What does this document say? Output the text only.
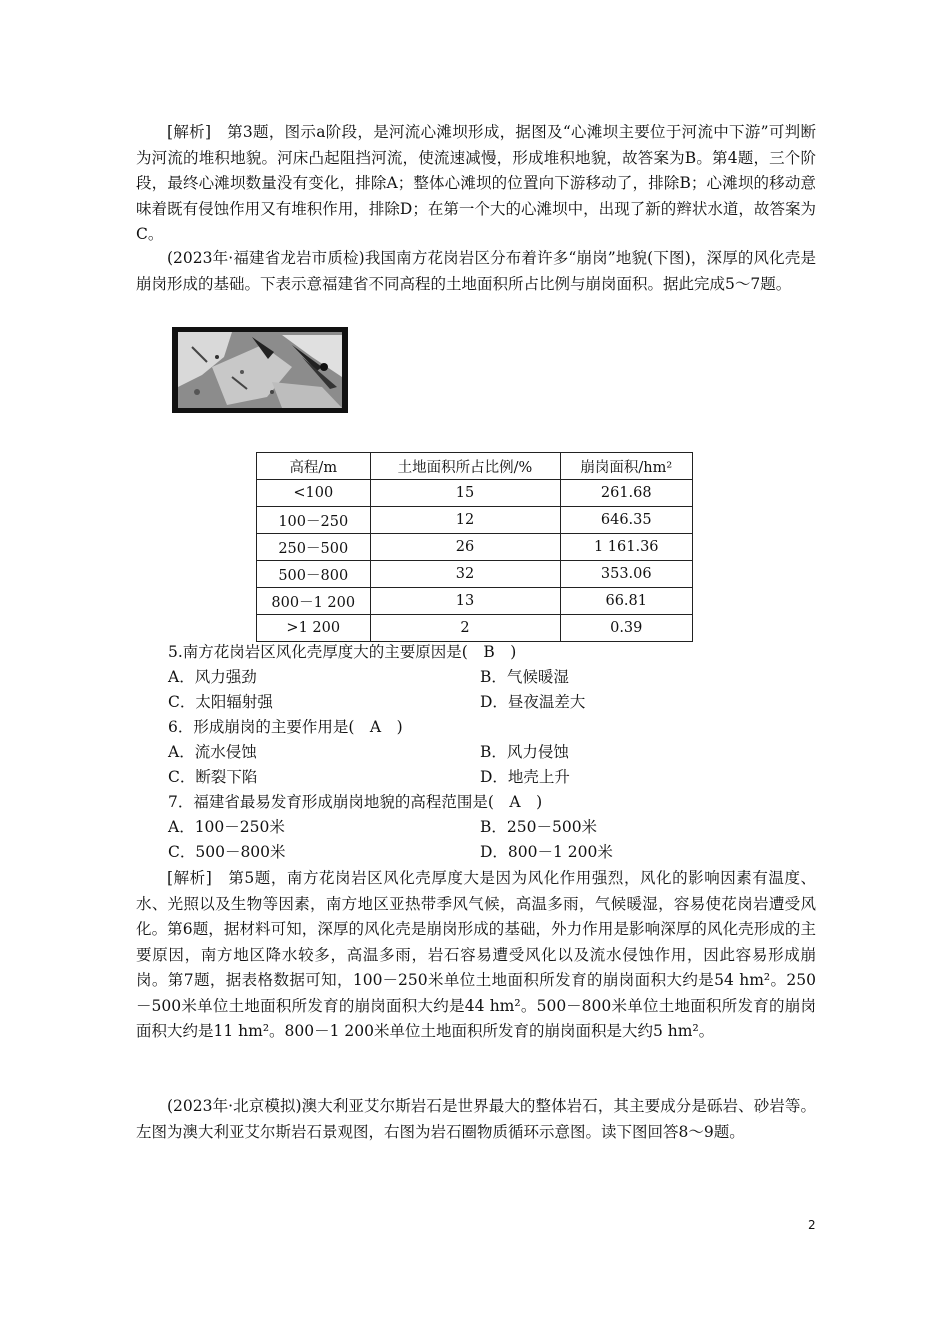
[解析]　第3题，图示a阶段，是河流心滩坝形成，据图及“心滩坝主要位于河流中下游”可判断为河流的堆积地貌。河床凸起阻挡河流，使流速减慢，形成堆积地貌，故答案为B。第4题，三个阶段，最终心滩坝数量没有变化，排除A；整体心滩坝的位置向下游移动了，排除B；心滩坝的移动意味着既有侵蚀作用又有堆积作用，排除D；在第一个大的心滩坝中，出现了新的辫状水道，故答案为C。

(2023年·福建省龙岩市质检)我国南方花岗岩区分布着许多“崩岗”地貌(下图)，深厚的风化壳是崩岗形成的基础。下表示意福建省不同高程的土地面积所占比例与崩岗面积。据此完成5～7题。

高程/m	土地面积所占比例/%	崩岗面积/hm²
<100	15	261.68
100－250	12	646.35
250－500	26	1 161.36
500－800	32	353.06
800－1 200	13	66.81
>1 200	2	0.39

5.南方花岗岩区风化壳厚度大的主要原因是(　B　)

A．风力强劲	B．气候暖湿

C．太阳辐射强	D．昼夜温差大

6．形成崩岗的主要作用是(　A　)

A．流水侵蚀	B．风力侵蚀

C．断裂下陷	D．地壳上升

7．福建省最易发育形成崩岗地貌的高程范围是(　A　)

A．100－250米	B．250－500米

C．500－800米	D．800－1 200米

[解析]　第5题，南方花岗岩区风化壳厚度大是因为风化作用强烈，风化的影响因素有温度、水、光照以及生物等因素，南方地区亚热带季风气候，高温多雨，气候暖湿，容易使花岗岩遭受风化。第6题，据材料可知，深厚的风化壳是崩岗形成的基础，外力作用是影响深厚的风化壳形成的主要原因，南方地区降水较多，高温多雨，岩石容易遭受风化以及流水侵蚀作用，因此容易形成崩岗。第7题，据表格数据可知，100－250米单位土地面积所发育的崩岗面积大约是54 hm²。250－500米单位土地面积所发育的崩岗面积大约是44 hm²。500－800米单位土地面积所发育的崩岗面积大约是11 hm²。800－1 200米单位土地面积所发育的崩岗面积是大约5 hm²。

(2023年·北京模拟)澳大利亚艾尔斯岩石是世界最大的整体岩石，其主要成分是砾岩、砂岩等。左图为澳大利亚艾尔斯岩石景观图，右图为岩石圈物质循环示意图。读下图回答8～9题。

2
